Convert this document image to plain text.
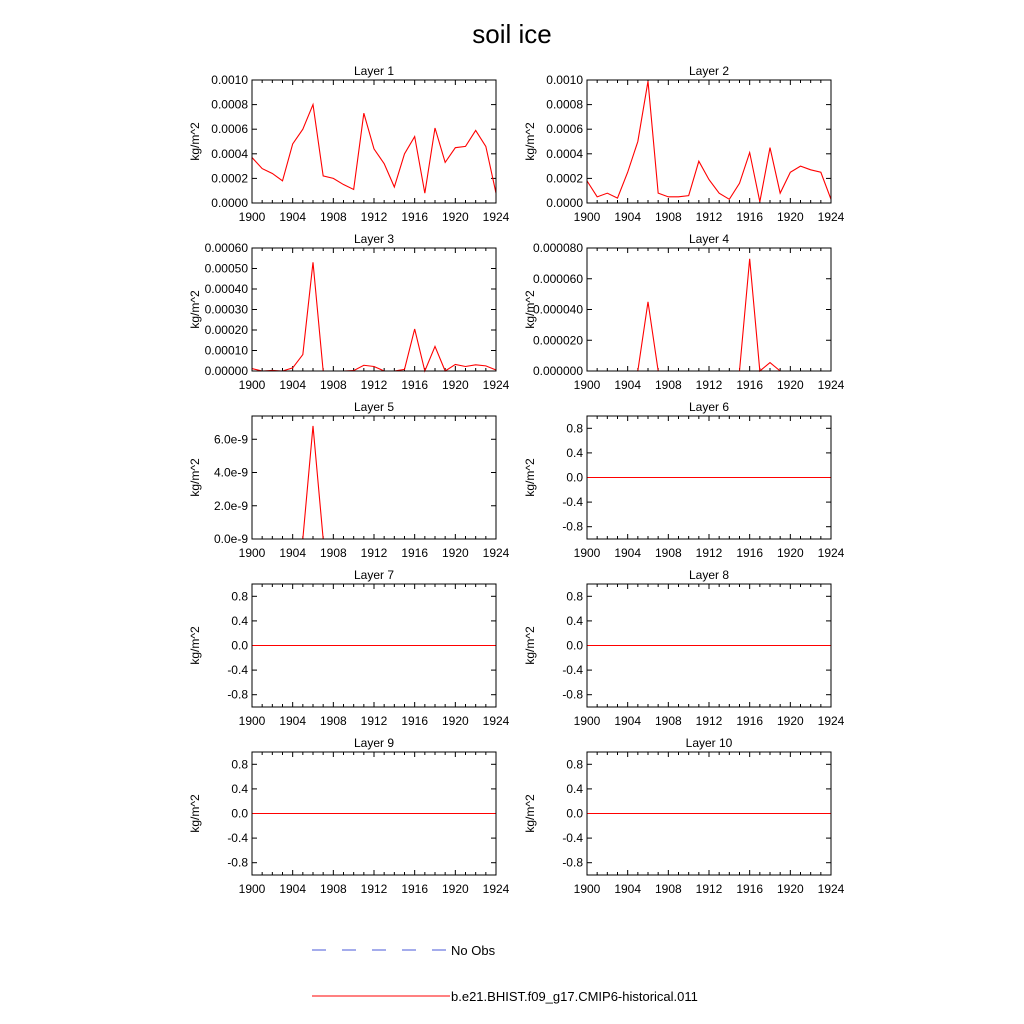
soil ice
Layer 1
kg/m^2
1900 1904 1908 1912 1916 1920 1924
0.0000
0.0002
0.0004
0.0006
0.0008
0.0010
Layer 2
kg/m^2
1900 1904 1908 1912 1916 1920 1924
0.0000
0.0002
0.0004
0.0006
0.0008
0.0010
Layer 3
kg/m^2
1900 1904 1908 1912 1916 1920 1924
0.00000
0.00010
0.00020
0.00030
0.00040
0.00050
0.00060
Layer 4
kg/m^2
1900 1904 1908 1912 1916 1920 1924
0.000000
0.000020
0.000040
0.000060
0.000080
Layer 5
kg/m^2
1900 1904 1908 1912 1916 1920 1924
0.0e-9
2.0e-9
4.0e-9
6.0e-9
Layer 6
kg/m^2
1900 1904 1908 1912 1916 1920 1924
-0.8
-0.4
0.0
0.4
0.8
Layer 7
kg/m^2
1900 1904 1908 1912 1916 1920 1924
-0.8
-0.4
0.0
0.4
0.8
Layer 8
kg/m^2
1900 1904 1908 1912 1916 1920 1924
-0.8
-0.4
0.0
0.4
0.8
Layer 9
kg/m^2
1900 1904 1908 1912 1916 1920 1924
-0.8
-0.4
0.0
0.4
0.8
Layer 10
kg/m^2
1900 1904 1908 1912 1916 1920 1924
-0.8
-0.4
0.0
0.4
0.8
No Obs
b.e21.BHIST.f09_g17.CMIP6-historical.011
